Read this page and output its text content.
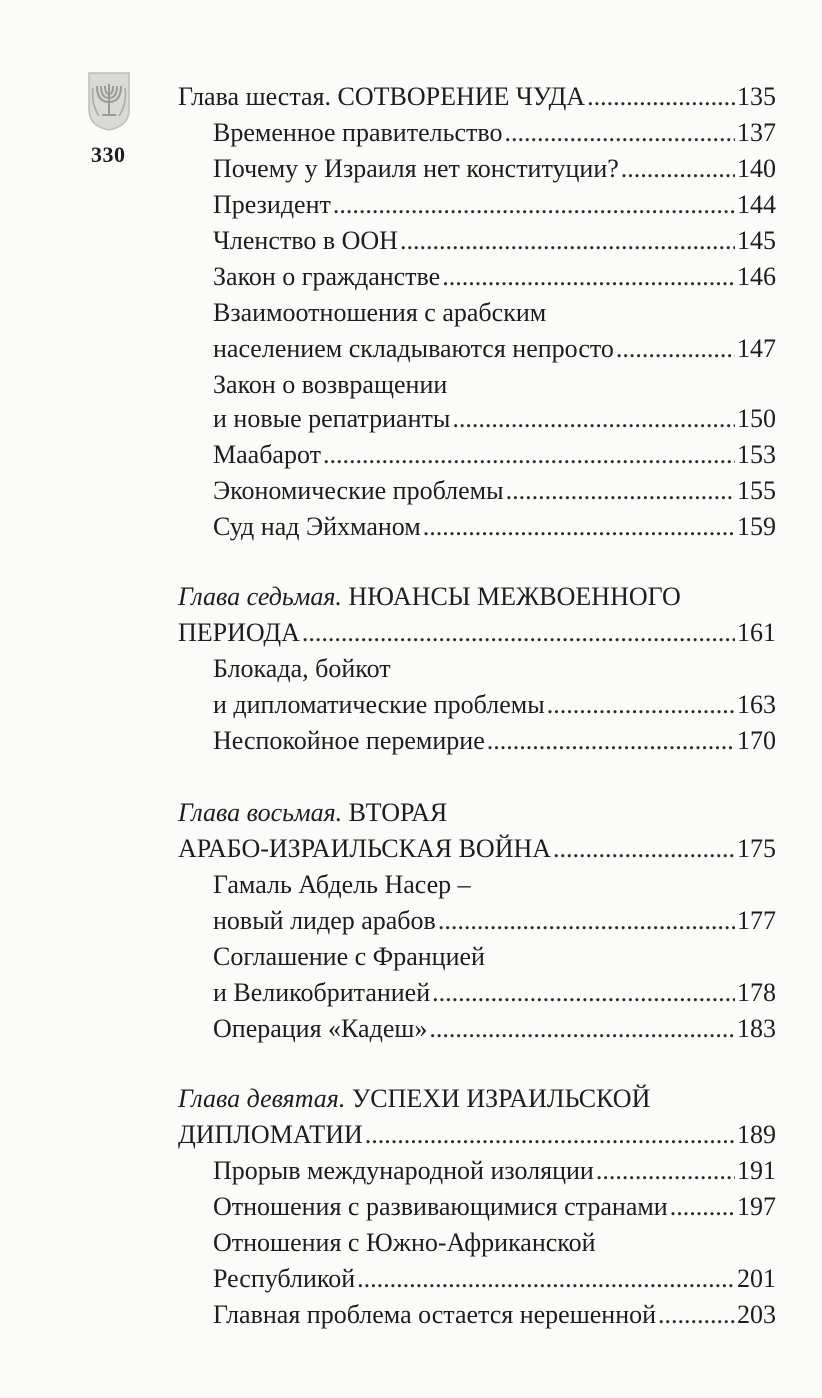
330
Глава шестая. СОТВОРЕНИЕ ЧУДА .....	135
Временное правительство .....	137
Почему у Израиля нет конституции? .....	140
Президент .....	144
Членство в ООН .....	145
Закон о гражданстве .....	146
Взаимоотношения с арабским
населением складываются непросто .....	147
Закон о возвращении
и новые репатрианты .....	150
Маабарот .....	153
Экономические проблемы .....	155
Суд над Эйхманом .....	159
Глава седьмая. НЮАНСЫ МЕЖВОЕННОГО
ПЕРИОДА .....	161
Блокада, бойкот
и дипломатические проблемы .....	163
Неспокойное перемирие .....	170
Глава восьмая. ВТОРАЯ
АРАБО-ИЗРАИЛЬСКАЯ ВОЙНА .....	175
Гамаль Абдель Насер –
новый лидер арабов .....	177
Соглашение с Францией
и Великобританией .....	178
Операция «Кадеш» .....	183
Глава девятая. УСПЕХИ ИЗРАИЛЬСКОЙ
ДИПЛОМАТИИ .....	189
Прорыв международной изоляции .....	191
Отношения с развивающимися странами .....	197
Отношения с Южно-Африканской
Республикой .....	201
Главная проблема остается нерешенной .....	203
